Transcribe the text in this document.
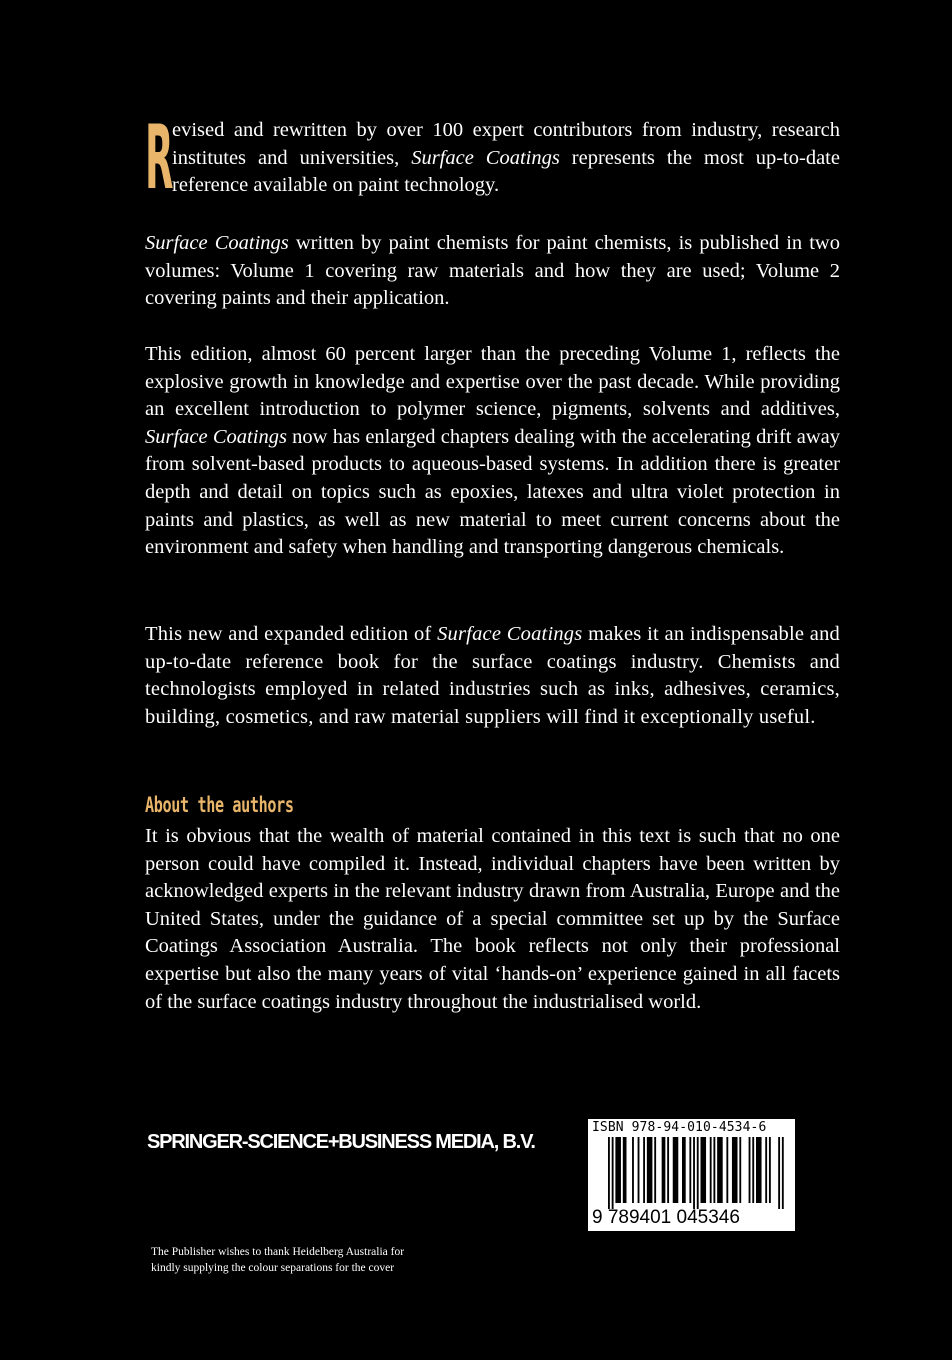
R
evised and rewritten by over 100 expert contributors from industry, research institutes and universities, Surface Coatings represents the most up-to-date reference available on paint technology.

Surface Coatings written by paint chemists for paint chemists, is published in two volumes: Volume 1 covering raw materials and how they are used; Volume 2 covering paints and their application.

This edition, almost 60 percent larger than the preceding Volume 1, reflects the explosive growth in knowledge and expertise over the past decade. While providing an excellent introduction to polymer science, pigments, solvents and additives, Surface Coatings now has enlarged chapters dealing with the accelerating drift away from solvent-based products to aqueous-based systems. In addition there is greater depth and detail on topics such as epoxies, latexes and ultra violet protection in paints and plastics, as well as new material to meet current concerns about the environment and safety when handling and transporting dangerous chemicals.

This new and expanded edition of Surface Coatings makes it an indispensable and up-to-date reference book for the surface coatings industry. Chemists and technologists employed in related industries such as inks, adhesives, ceramics, building, cosmetics, and raw material suppliers will find it exceptionally useful.

About the authors

It is obvious that the wealth of material contained in this text is such that no one person could have compiled it. Instead, individual chapters have been written by acknowledged experts in the relevant industry drawn from Australia, Europe and the United States, under the guidance of a special committee set up by the Surface Coatings Association Australia. The book reflects not only their professional expertise but also the many years of vital ‘hands-on’ experience gained in all facets of the surface coatings industry throughout the industrialised world.

SPRINGER-SCIENCE+BUSINESS MEDIA, B.V.

The Publisher wishes to thank Heidelberg Australia for
kindly supplying the colour separations for the cover

ISBN 978-94-010-4534-6

9 789401 045346
